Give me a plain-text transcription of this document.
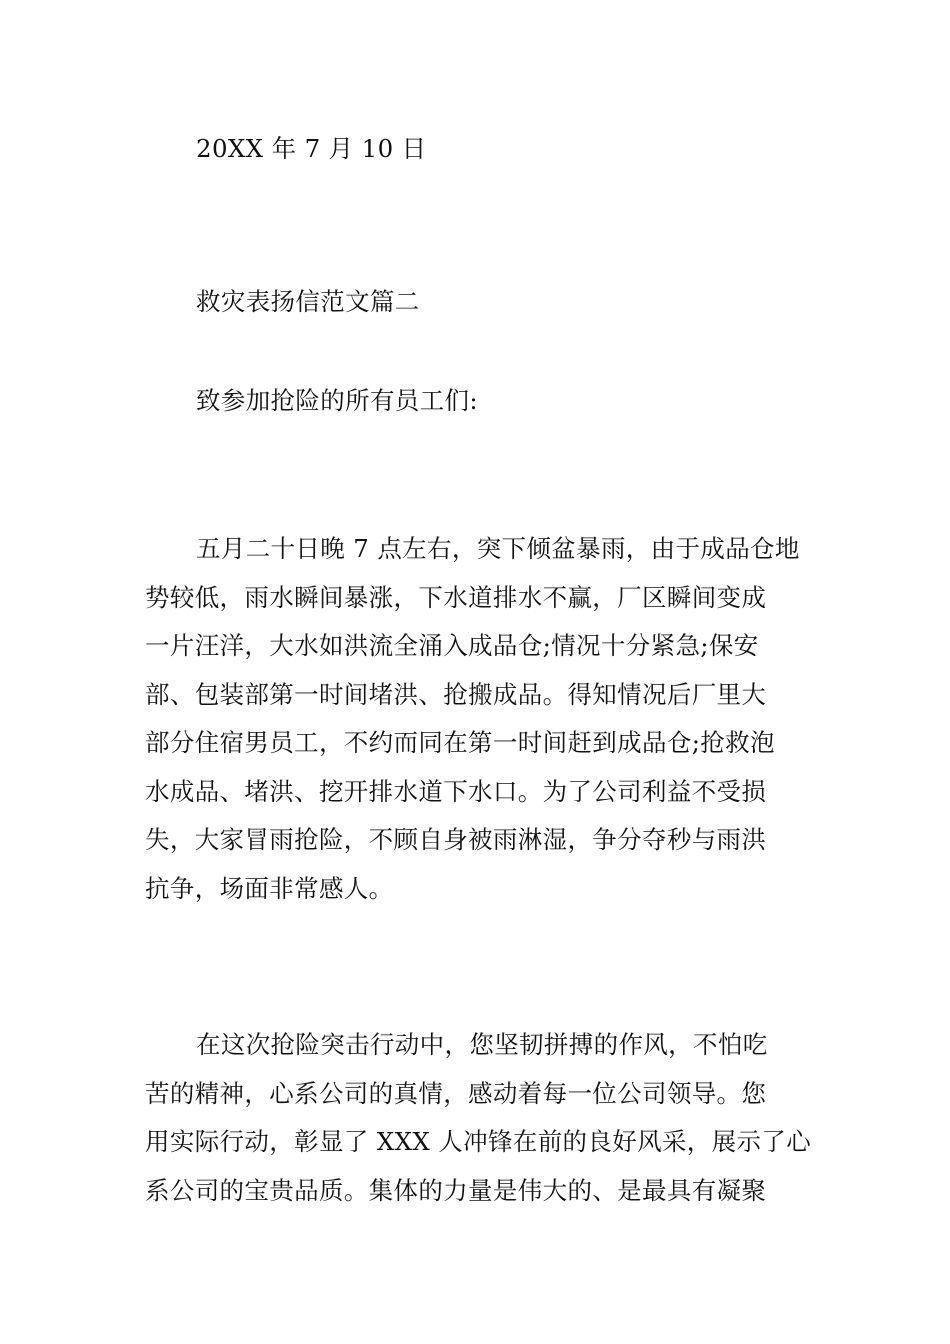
20XX 年 7 月 10 日
救灾表扬信范文篇二
致参加抢险的所有员工们:

五月二十日晚 7 点左右，突下倾盆暴雨，由于成品仓地
势较低，雨水瞬间暴涨，下水道排水不赢，厂区瞬间变成
一片汪洋，大水如洪流全涌入成品仓;情况十分紧急;保安
部、包装部第一时间堵洪、抢搬成品。得知情况后厂里大
部分住宿男员工，不约而同在第一时间赶到成品仓;抢救泡
水成品、堵洪、挖开排水道下水口。为了公司利益不受损
失，大家冒雨抢险，不顾自身被雨淋湿，争分夺秒与雨洪
抗争，场面非常感人。

在这次抢险突击行动中，您坚韧拼搏的作风，不怕吃
苦的精神，心系公司的真情，感动着每一位公司领导。您
用实际行动，彰显了 XXX 人冲锋在前的良好风采，展示了心
系公司的宝贵品质。集体的力量是伟大的、是最具有凝聚
